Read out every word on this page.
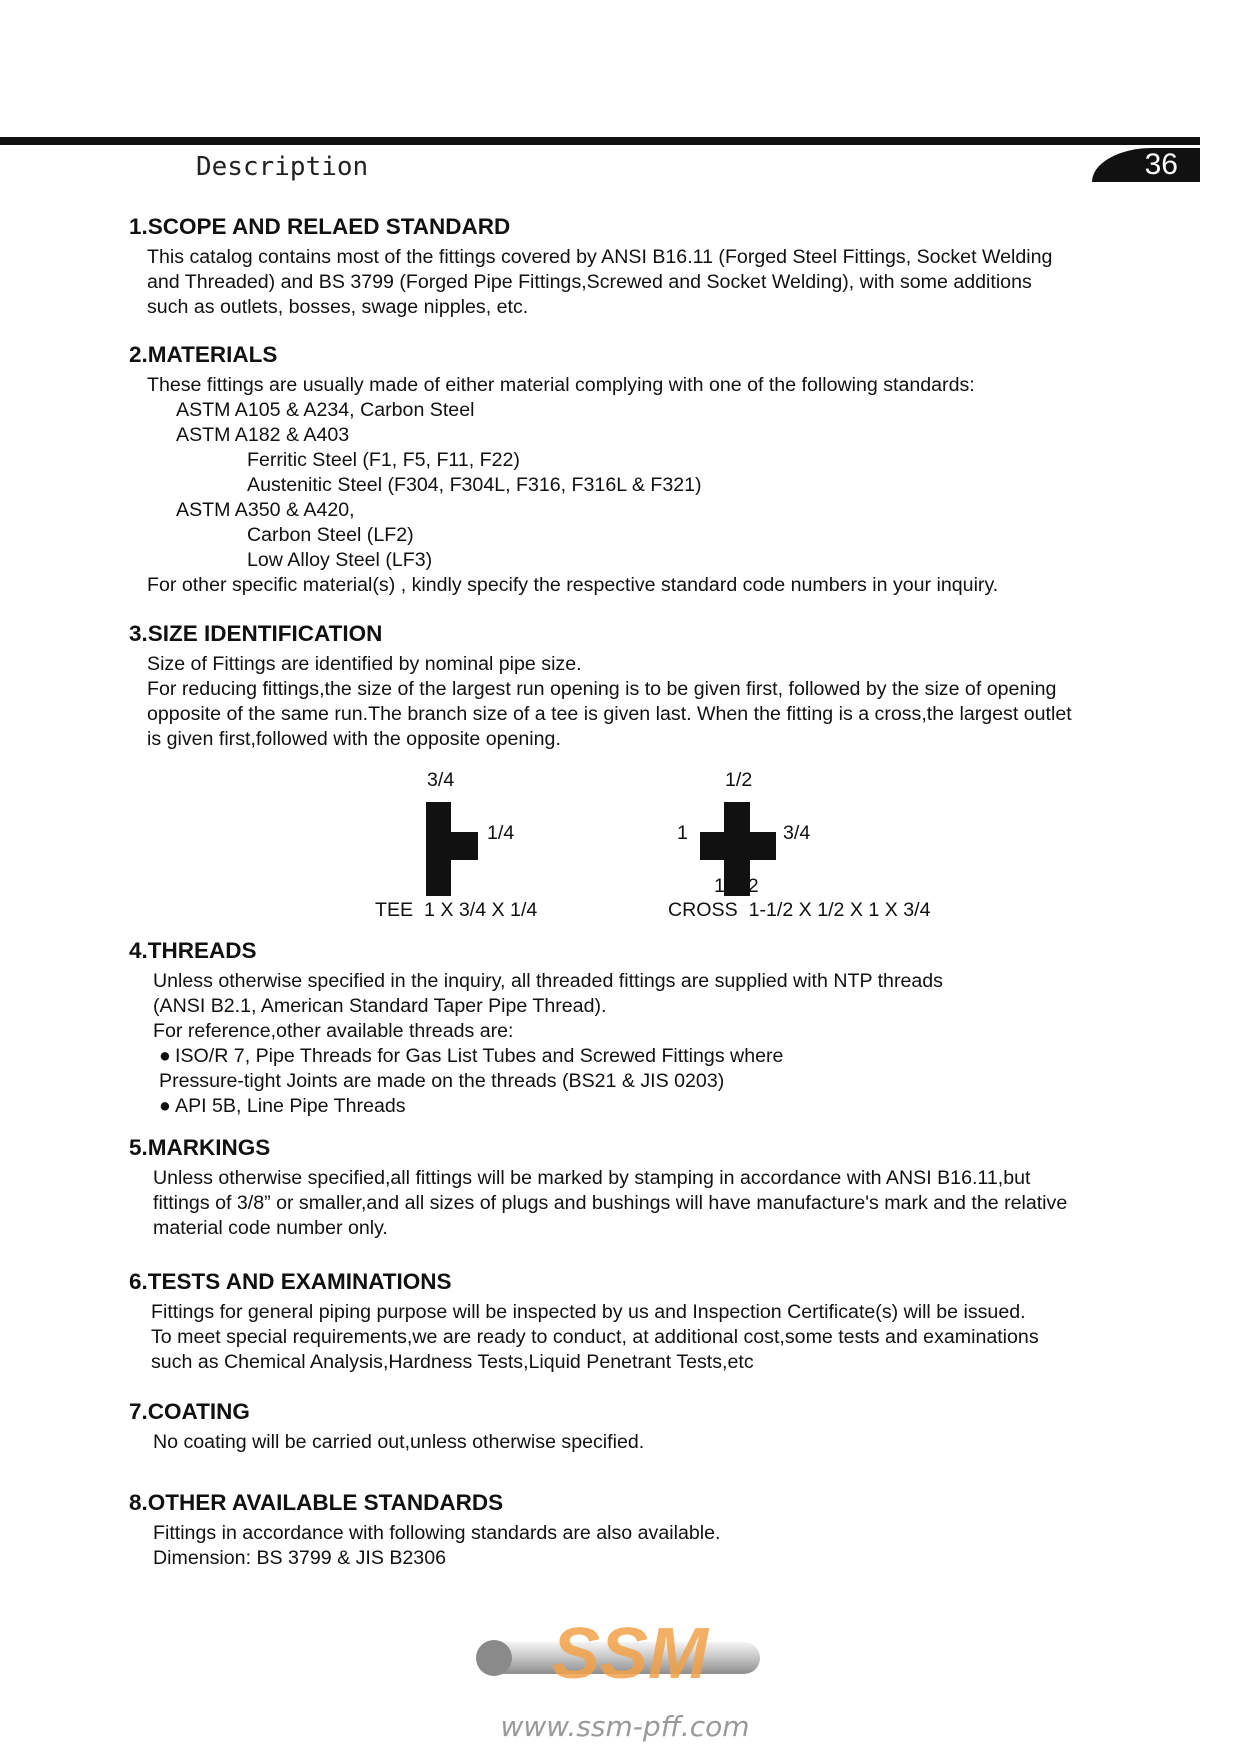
Description	36
1.SCOPE AND RELAED STANDARD

This catalog contains most of the fittings covered by ANSI B16.11 (Forged Steel Fittings, Socket Welding

and Threaded) and BS 3799 (Forged Pipe Fittings,Screwed and Socket Welding), with some additions

such as outlets, bosses, swage nipples, etc.

2.MATERIALS

These fittings are usually made of either material complying with one of the following standards:

ASTM A105 & A234, Carbon Steel

ASTM A182 & A403

Ferritic Steel (F1, F5, F11, F22)

Austenitic Steel (F304, F304L, F316, F316L & F321)

ASTM A350 & A420,

Carbon Steel (LF2)

Low Alloy Steel (LF3)

For other specific material(s) , kindly specify the respective standard code numbers in your inquiry.

3.SIZE IDENTIFICATION

Size of Fittings are identified by nominal pipe size.

For reducing fittings,the size of the largest run opening is to be given first, followed by the size of opening

opposite of the same run.The branch size of a tee is given last. When the fitting is a cross,the largest outlet

is given first,followed with the opposite opening.

3/4
1/4
1
TEE 1 X 3/4 X 1/4
1/2
1	3/4
1-1/2
CROSS 1-1/2 X 1/2 X 1 X 3/4
4.THREADS

Unless otherwise specified in the inquiry, all threaded fittings are supplied with NTP threads

(ANSI B2.1, American Standard Taper Pipe Thread).

For reference,other available threads are:

● ISO/R 7, Pipe Threads for Gas List Tubes and Screwed Fittings where

Pressure-tight Joints are made on the threads (BS21 & JIS 0203)

● API 5B, Line Pipe Threads

5.MARKINGS

Unless otherwise specified,all fittings will be marked by stamping in accordance with ANSI B16.11,but

fittings of 3/8” or smaller,and all sizes of plugs and bushings will have manufacture's mark and the relative

material code number only.

6.TESTS AND EXAMINATIONS

Fittings for general piping purpose will be inspected by us and Inspection Certificate(s) will be issued.

To meet special requirements,we are ready to conduct, at additional cost,some tests and examinations

such as Chemical Analysis,Hardness Tests,Liquid Penetrant Tests,etc

7.COATING

No coating will be carried out,unless otherwise specified.

8.OTHER AVAILABLE STANDARDS

Fittings in accordance with following standards are also available.

Dimension: BS 3799 & JIS B2306

SSM
www.ssm-pff.com
